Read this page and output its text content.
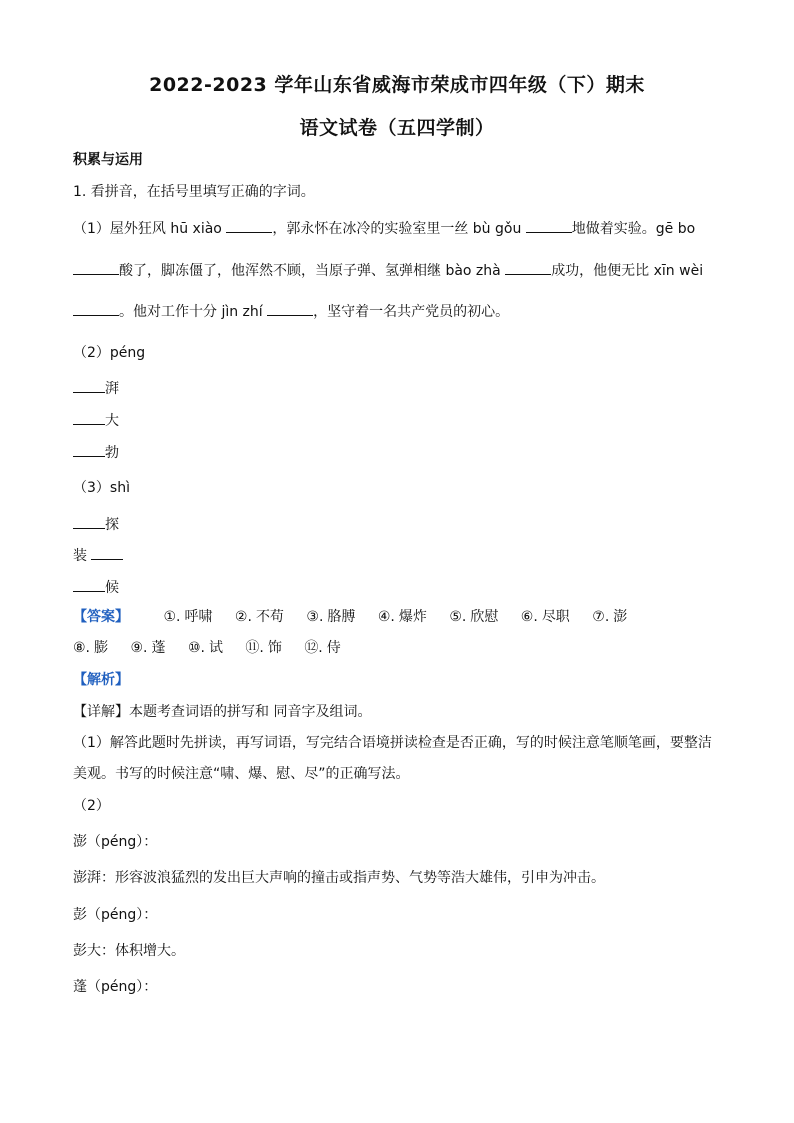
2022-2023 学年山东省威海市荣成市四年级（下）期末
语文试卷（五四学制）
积累与运用
1. 看拼音，在括号里填写正确的字词。
（1）屋外狂风 hū xiào	，郭永怀在冰冷的实验室里一丝 bù gǒu	地做着实验。gē bo
酸了，脚冻僵了，他浑然不顾，当原子弹、氢弹相继 bào zhà	成功，他便无比 xīn wèi
。他对工作十分 jìn zhí	，坚守着一名共产党员的初心。
（2）péng
湃
大
勃
（3）shì
探
装
候
【答案】 ①. 呼啸 ②. 不苟 ③. 胳膊 ④. 爆炸 ⑤. 欣慰 ⑥. 尽职 ⑦. 澎
⑧. 膨 ⑨. 蓬 ⑩. 试 ⑪. 饰 ⑫. 侍
【解析】
【详解】本题考查词语的拼写和 同音字及组词。
（1）解答此题时先拼读，再写词语，写完结合语境拼读检查是否正确，写的时候注意笔顺笔画，要整洁
美观。书写的时候注意“啸、爆、慰、尽”的正确写法。
（2）
澎（péng）：
澎湃：形容波浪猛烈的发出巨大声响的撞击或指声势、气势等浩大雄伟，引申为冲击。
彭（péng）：
彭大：体积增大。
蓬（péng）：
